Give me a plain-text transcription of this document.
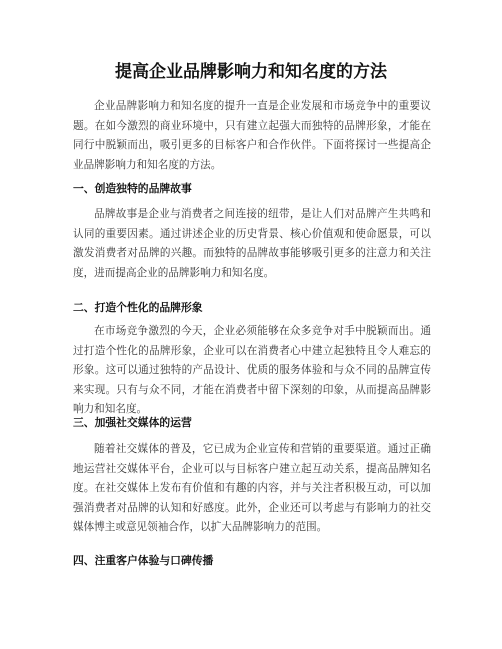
提高企业品牌影响力和知名度的方法

企业品牌影响力和知名度的提升一直是企业发展和市场竞争中的重要议题。在如今激烈的商业环境中，只有建立起强大而独特的品牌形象，才能在同行中脱颖而出，吸引更多的目标客户和合作伙伴。下面将探讨一些提高企业品牌影响力和知名度的方法。

一、创造独特的品牌故事

品牌故事是企业与消费者之间连接的纽带，是让人们对品牌产生共鸣和认同的重要因素。通过讲述企业的历史背景、核心价值观和使命愿景，可以激发消费者对品牌的兴趣。而独特的品牌故事能够吸引更多的注意力和关注度，进而提高企业的品牌影响力和知名度。

二、打造个性化的品牌形象

在市场竞争激烈的今天，企业必须能够在众多竞争对手中脱颖而出。通过打造个性化的品牌形象，企业可以在消费者心中建立起独特且令人难忘的形象。这可以通过独特的产品设计、优质的服务体验和与众不同的品牌宣传来实现。只有与众不同，才能在消费者中留下深刻的印象，从而提高品牌影响力和知名度。

三、加强社交媒体的运营

随着社交媒体的普及，它已成为企业宣传和营销的重要渠道。通过正确地运营社交媒体平台，企业可以与目标客户建立起互动关系，提高品牌知名度。在社交媒体上发布有价值和有趣的内容，并与关注者积极互动，可以加强消费者对品牌的认知和好感度。此外，企业还可以考虑与有影响力的社交媒体博主或意见领袖合作，以扩大品牌影响力的范围。

四、注重客户体验与口碑传播
